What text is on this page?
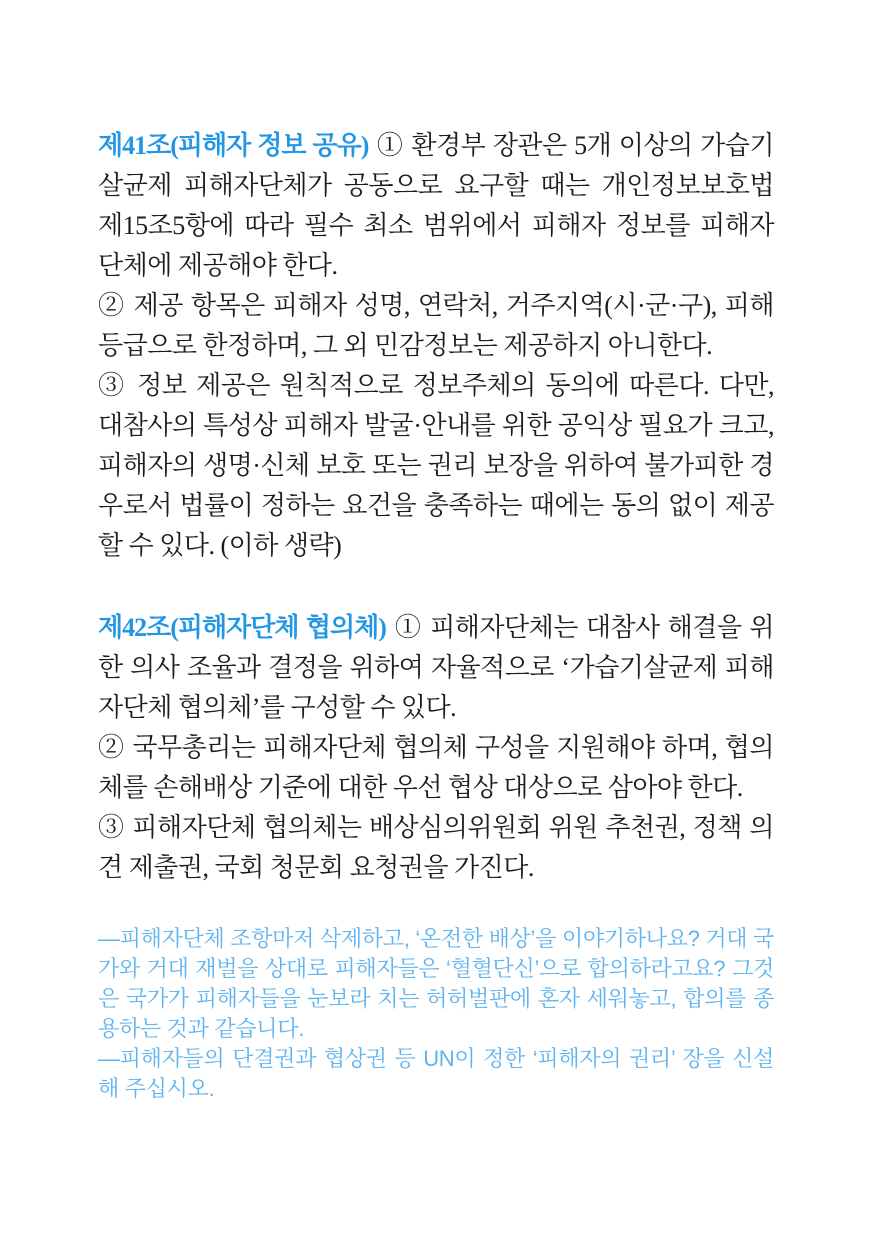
제41조(피해자 정보 공유) ① 환경부 장관은 5개 이상의 가습기살균제 피해자단체가 공동으로 요구할 때는 개인정보보호법 제15조5항에 따라 필수 최소 범위에서 피해자 정보를 피해자 단체에 제공해야 한다.

② 제공 항목은 피해자 성명, 연락처, 거주지역(시·군·구), 피해등급으로 한정하며, 그 외 민감정보는 제공하지 아니한다.

③ 정보 제공은 원칙적으로 정보주체의 동의에 따른다. 다만, 대참사의 특성상 피해자 발굴·안내를 위한 공익상 필요가 크고, 피해자의 생명·신체 보호 또는 권리 보장을 위하여 불가피한 경우로서 법률이 정하는 요건을 충족하는 때에는 동의 없이 제공할 수 있다. (이하 생략)

제42조(피해자단체 협의체) ① 피해자단체는 대참사 해결을 위한 의사 조율과 결정을 위하여 자율적으로 ‘가습기살균제 피해자단체 협의체’를 구성할 수 있다.

② 국무총리는 피해자단체 협의체 구성을 지원해야 하며, 협의체를 손해배상 기준에 대한 우선 협상 대상으로 삼아야 한다.

③ 피해자단체 협의체는 배상심의위원회 위원 추천권, 정책 의견 제출권, 국회 청문회 요청권을 가진다.

—피해자단체 조항마저 삭제하고, ‘온전한 배상’을 이야기하나요? 거대 국가와 거대 재벌을 상대로 피해자들은 ‘혈혈단신’으로 합의하라고요? 그것은 국가가 피해자들을 눈보라 치는 허허벌판에 혼자 세워놓고, 합의를 종용하는 것과 같습니다.

—피해자들의 단결권과 협상권 등 UN이 정한 ‘피해자의 권리’ 장을 신설해 주십시오.
